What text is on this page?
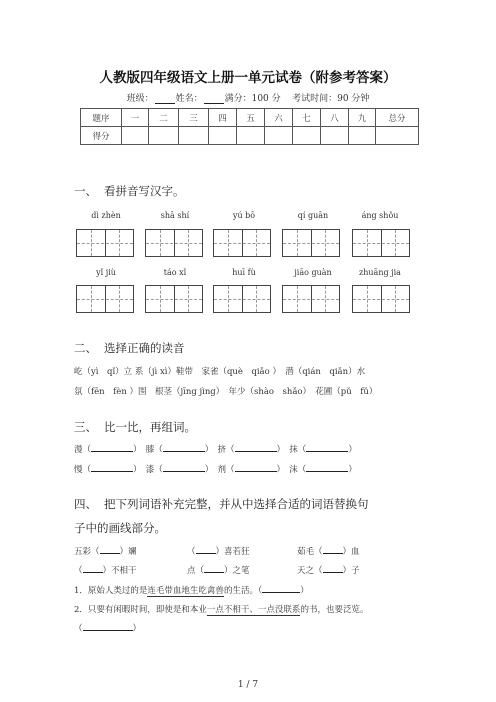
人教版四年级语文上册一单元试卷（附参考答案）
班级： 姓名： 满分：100 分 考试时间：90 分钟
题序	一	二	三	四	五	六	七	八	九	总分
得分										
一、 看拼音写汉字。
dì zhèn	shā shí	yú bō	qí guān	áng shǒu
yǐ jiù	táo xǐ	huī fù	jiāo guàn	zhuāng jia
二、 选择正确的读音
屹（yì　qǐ）立 系（jì xì）鞋带　家雀（què　qiǎo ）　潜（qián　qiǎn）水
氛（fēn　fèn ）围　根茎（jīng jìng）　年少（shào　shǎo）　花圃（pǔ　fǔ）
三、 比一比，再组词。
漫（	）　膝（	）　挤（	）　抹（	）
慢（	）　漆（	）　剂（	）　沫（	）
四、 把下列词语补充完整，并从中选择合适的词语替换句
子中的画线部分。
五彩（ ）斓	（ ）喜若狂	茹毛（ ）血
（ ）不相干	点（ ）之笔	天之（ ）子
1．原始人类过的是连毛带血地生吃禽兽的生活。（	）
2．只要有闲暇时间，即使是和本业一点不相干、一点没联系的书，也要泛览。
（	）
1 / 7
